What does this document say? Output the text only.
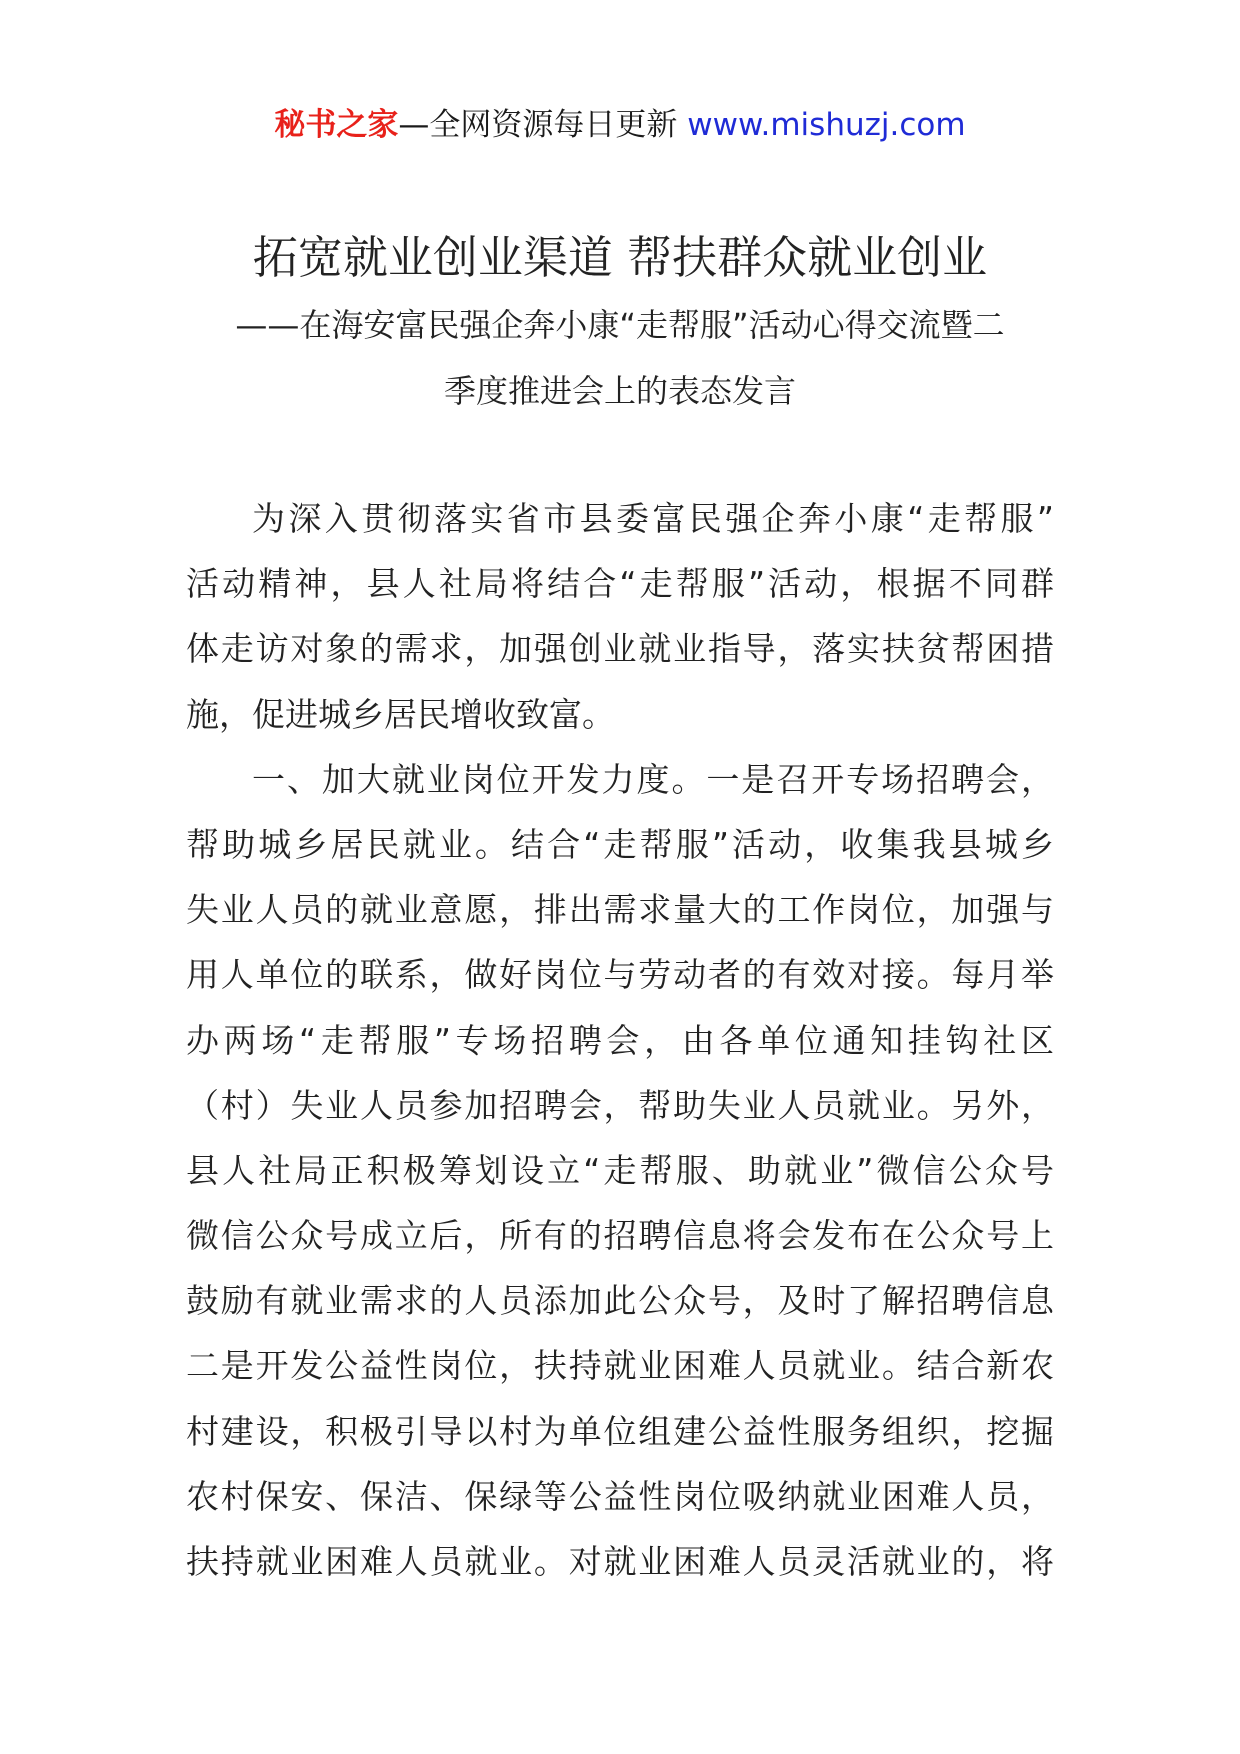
秘书之家—全网资源每日更新 www.mishuzj.com
拓宽就业创业渠道 帮扶群众就业创业
——在海安富民强企奔小康“走帮服”活动心得交流暨二
季度推进会上的表态发言
为深入贯彻落实省市县委富民强企奔小康“走帮服”
活动精神，县人社局将结合“走帮服”活动，根据不同群
体走访对象的需求，加强创业就业指导，落实扶贫帮困措
施，促进城乡居民增收致富。
一、加大就业岗位开发力度。一是召开专场招聘会，
帮助城乡居民就业。结合“走帮服”活动，收集我县城乡
失业人员的就业意愿，排出需求量大的工作岗位，加强与
用人单位的联系，做好岗位与劳动者的有效对接。每月举
办两场“走帮服”专场招聘会，由各单位通知挂钩社区
（村）失业人员参加招聘会，帮助失业人员就业。另外，
县人社局正积极筹划设立“走帮服、助就业”微信公众号
微信公众号成立后，所有的招聘信息将会发布在公众号上
鼓励有就业需求的人员添加此公众号，及时了解招聘信息
二是开发公益性岗位，扶持就业困难人员就业。结合新农
村建设，积极引导以村为单位组建公益性服务组织，挖掘
农村保安、保洁、保绿等公益性岗位吸纳就业困难人员，
扶持就业困难人员就业。对就业困难人员灵活就业的，将
